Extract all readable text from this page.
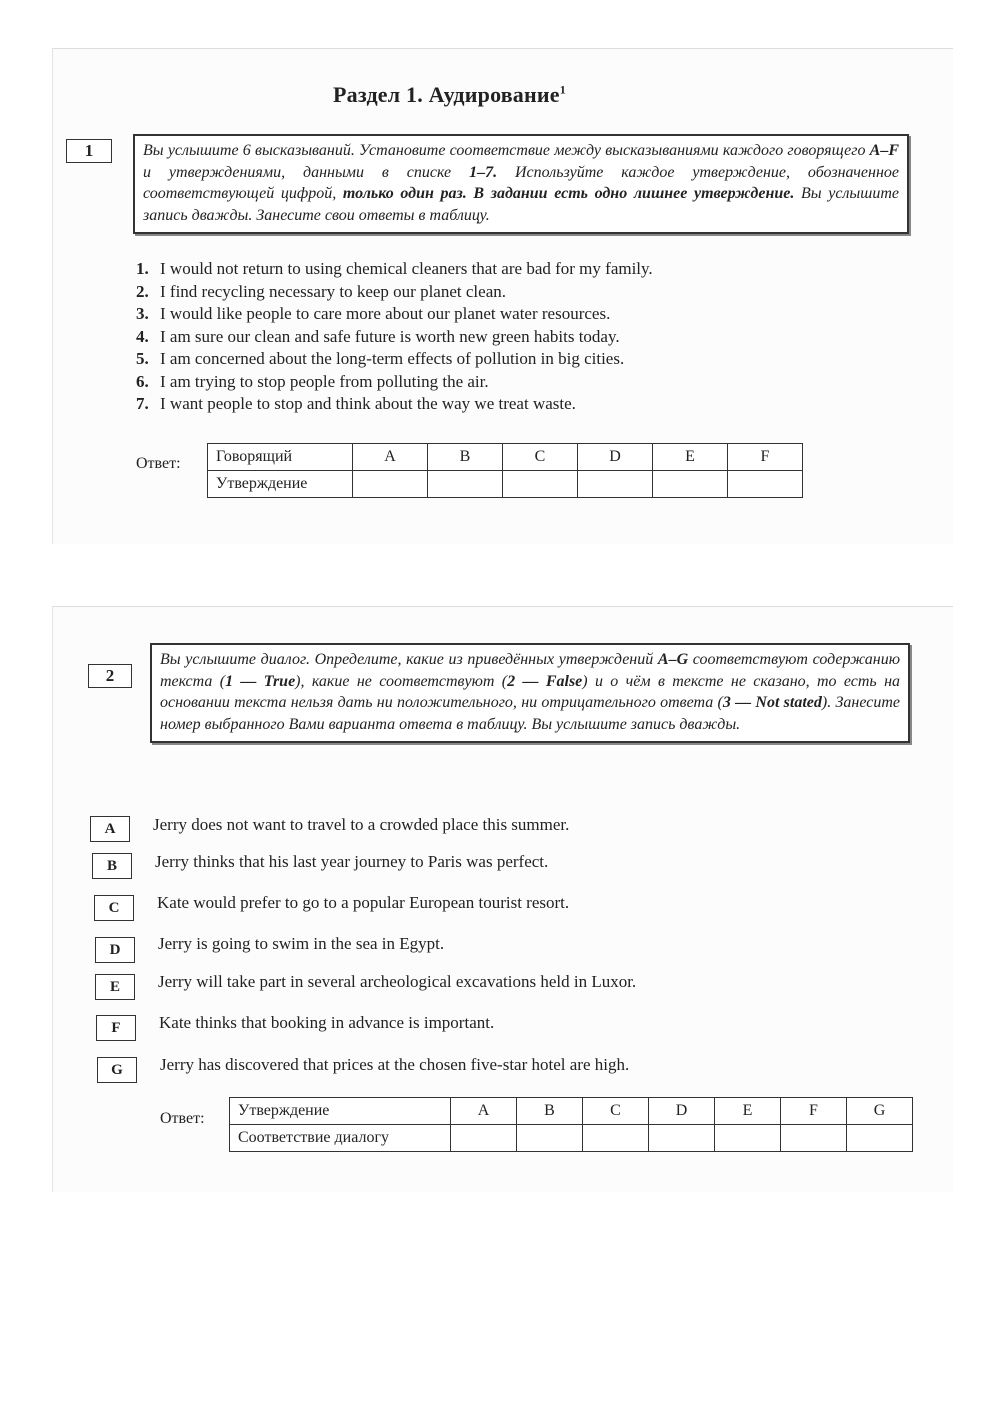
Раздел 1. Аудирование$^1$
1	Вы услышите 6 высказываний. Установите соответствие между высказываниями каждого говорящего A–F и утверждениями, данными в списке 1–7. Используйте каждое утверждение, обозначенное соответствующей цифрой, только один раз. В задании есть одно лишнее утверждение. Вы услышите запись дважды. Занесите свои ответы в таблицу.
1. I would not return to using chemical cleaners that are bad for my family.
2. I find recycling necessary to keep our planet clean.
3. I would like people to care more about our planet water resources.
4. I am sure our clean and safe future is worth new green habits today.
5. I am concerned about the long-term effects of pollution in big cities.
6. I am trying to stop people from polluting the air.
7. I want people to stop and think about the way we treat waste.
Ответ: Говорящий	A	B	C	D	E	F
Утверждение						
2
Вы услышите диалог. Определите, какие из приведённых утверждений A–G соответствуют содержанию текста (1 — True), какие не соответствуют (2 — False) и о чём в тексте не сказано, то есть на основании текста нельзя дать ни положительного, ни отрицательного ответа (3 — Not stated). Занесите номер выбранного Вами варианта ответа в таблицу. Вы услышите запись дважды.
A	Jerry does not want to travel to a crowded place this summer.
B	Jerry thinks that his last year journey to Paris was perfect.
C	Kate would prefer to go to a popular European tourist resort.
D	Jerry is going to swim in the sea in Egypt.
E	Jerry will take part in several archeological excavations held in Luxor.
F	Kate thinks that booking in advance is important.
G	Jerry has discovered that prices at the chosen five-star hotel are high.
Ответ: Утверждение	A	B	C	D	E	F	G
Соответствие диалогу							
